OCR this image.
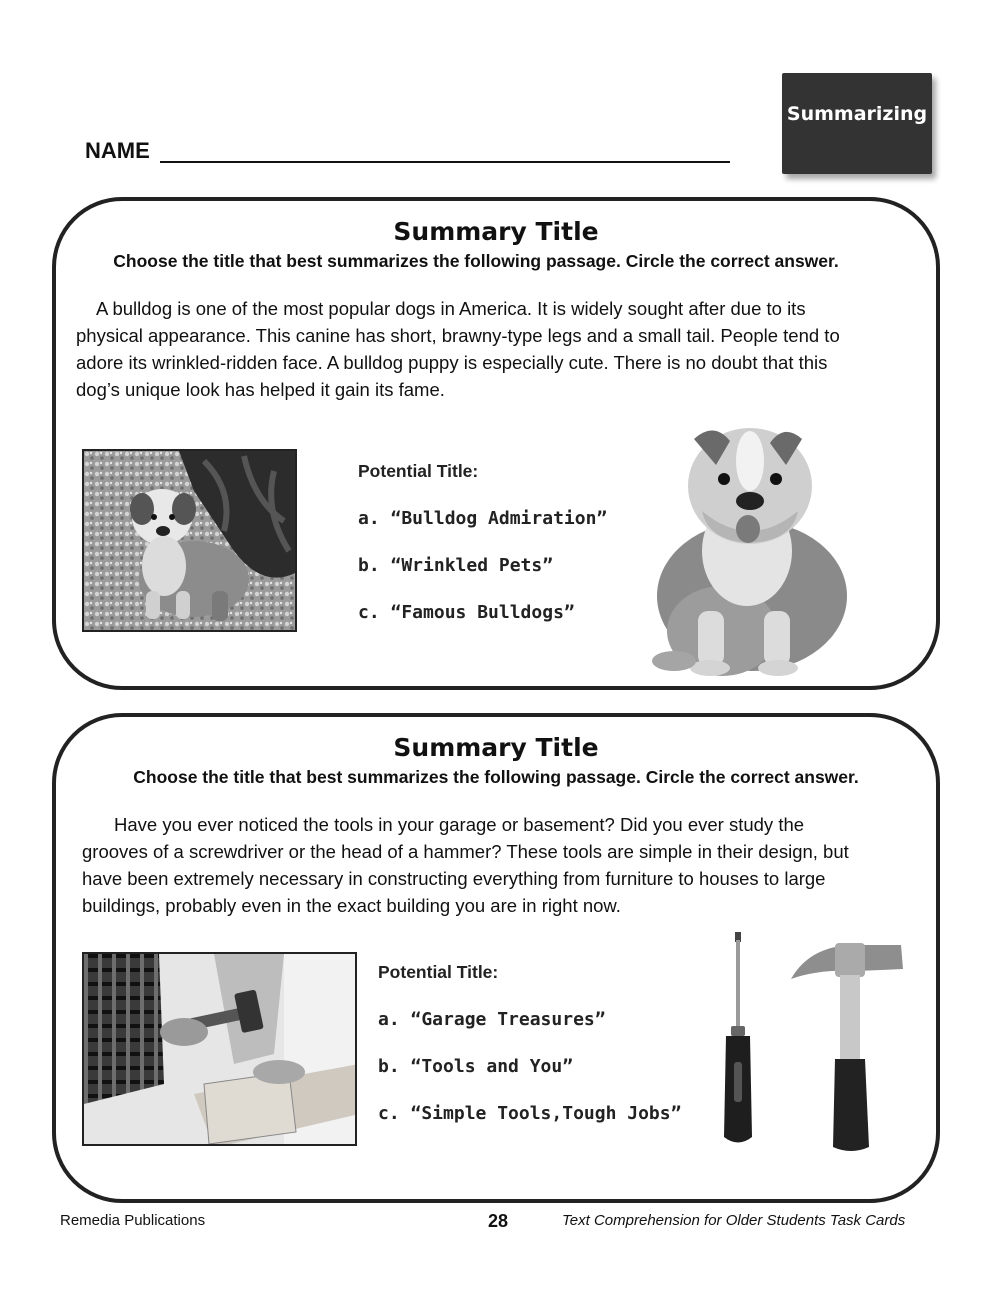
Summarizing
NAME
Summary Title
Choose the title that best summarizes the following passage. Circle the correct answer.
A bulldog is one of the most popular dogs in America. It is widely sought after due to its
physical appearance. This canine has short, brawny-type legs and a small tail. People tend to
adore its wrinkled-ridden face. A bulldog puppy is especially cute. There is no doubt that this
dog’s unique look has helped it gain its fame.
Potential Title:
a. “Bulldog Admiration”
b. “Wrinkled Pets”
c. “Famous Bulldogs”
Summary Title
Choose the title that best summarizes the following passage. Circle the correct answer.
Have you ever noticed the tools in your garage or basement? Did you ever study the
grooves of a screwdriver or the head of a hammer? These tools are simple in their design, but
have been extremely necessary in constructing everything from furniture to houses to large
buildings, probably even in the exact building you are in right now.
Potential Title:
a. “Garage Treasures”
b. “Tools and You”
c. “Simple Tools,Tough Jobs”
Remedia Publications	28	Text Comprehension for Older Students Task Cards
